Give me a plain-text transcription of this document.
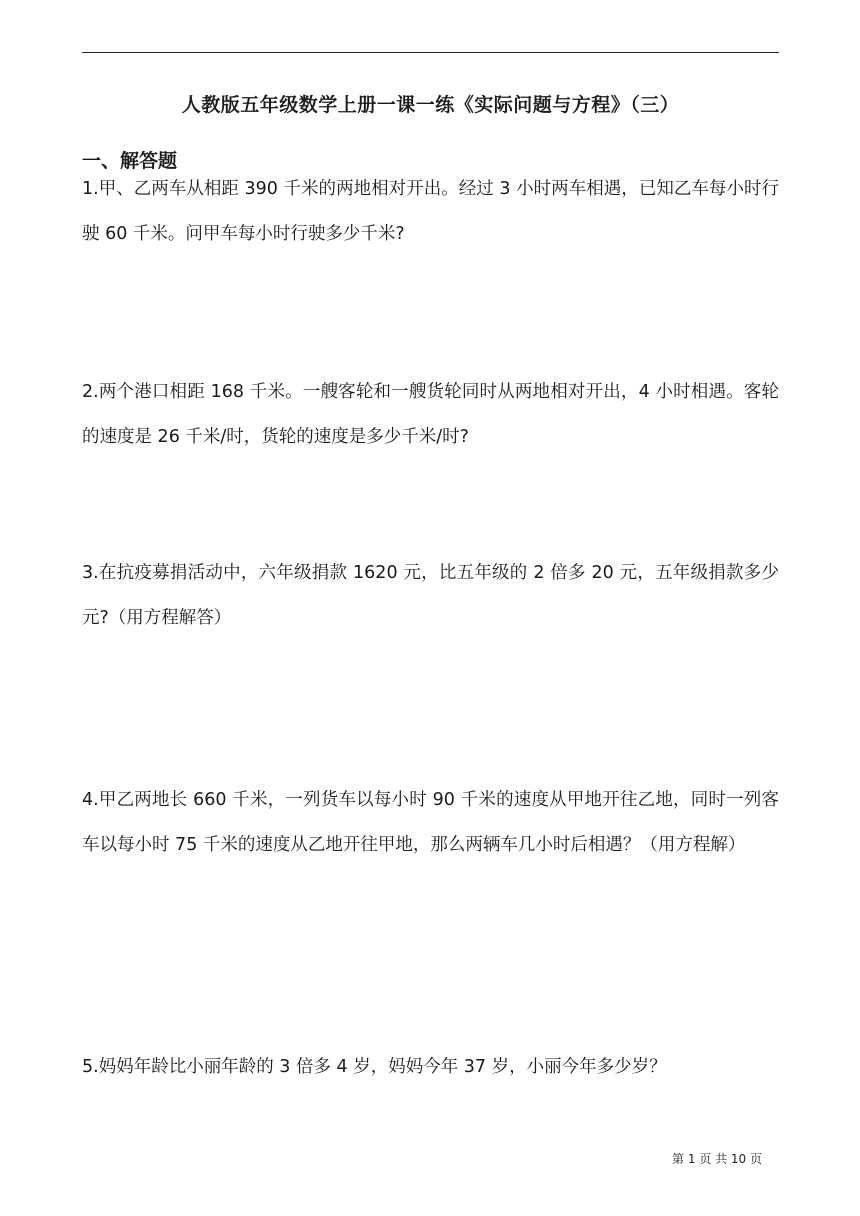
人教版五年级数学上册一课一练《实际问题与方程》（三）
一、解答题

1.甲、乙两车从相距 390 千米的两地相对开出。经过 3 小时两车相遇，已知乙车每小时行驶 60 千米。问甲车每小时行驶多少千米?

2.两个港口相距 168 千米。一艘客轮和一艘货轮同时从两地相对开出，4 小时相遇。客轮的速度是 26 千米/时，货轮的速度是多少千米/时?

3.在抗疫募捐活动中，六年级捐款 1620 元，比五年级的 2 倍多 20 元，五年级捐款多少元?（用方程解答）

4.甲乙两地长 660 千米，一列货车以每小时 90 千米的速度从甲地开往乙地，同时一列客车以每小时 75 千米的速度从乙地开往甲地，那么两辆车几小时后相遇？（用方程解）

5.妈妈年龄比小丽年龄的 3 倍多 4 岁，妈妈今年 37 岁，小丽今年多少岁？

第 1 页 共 10 页
